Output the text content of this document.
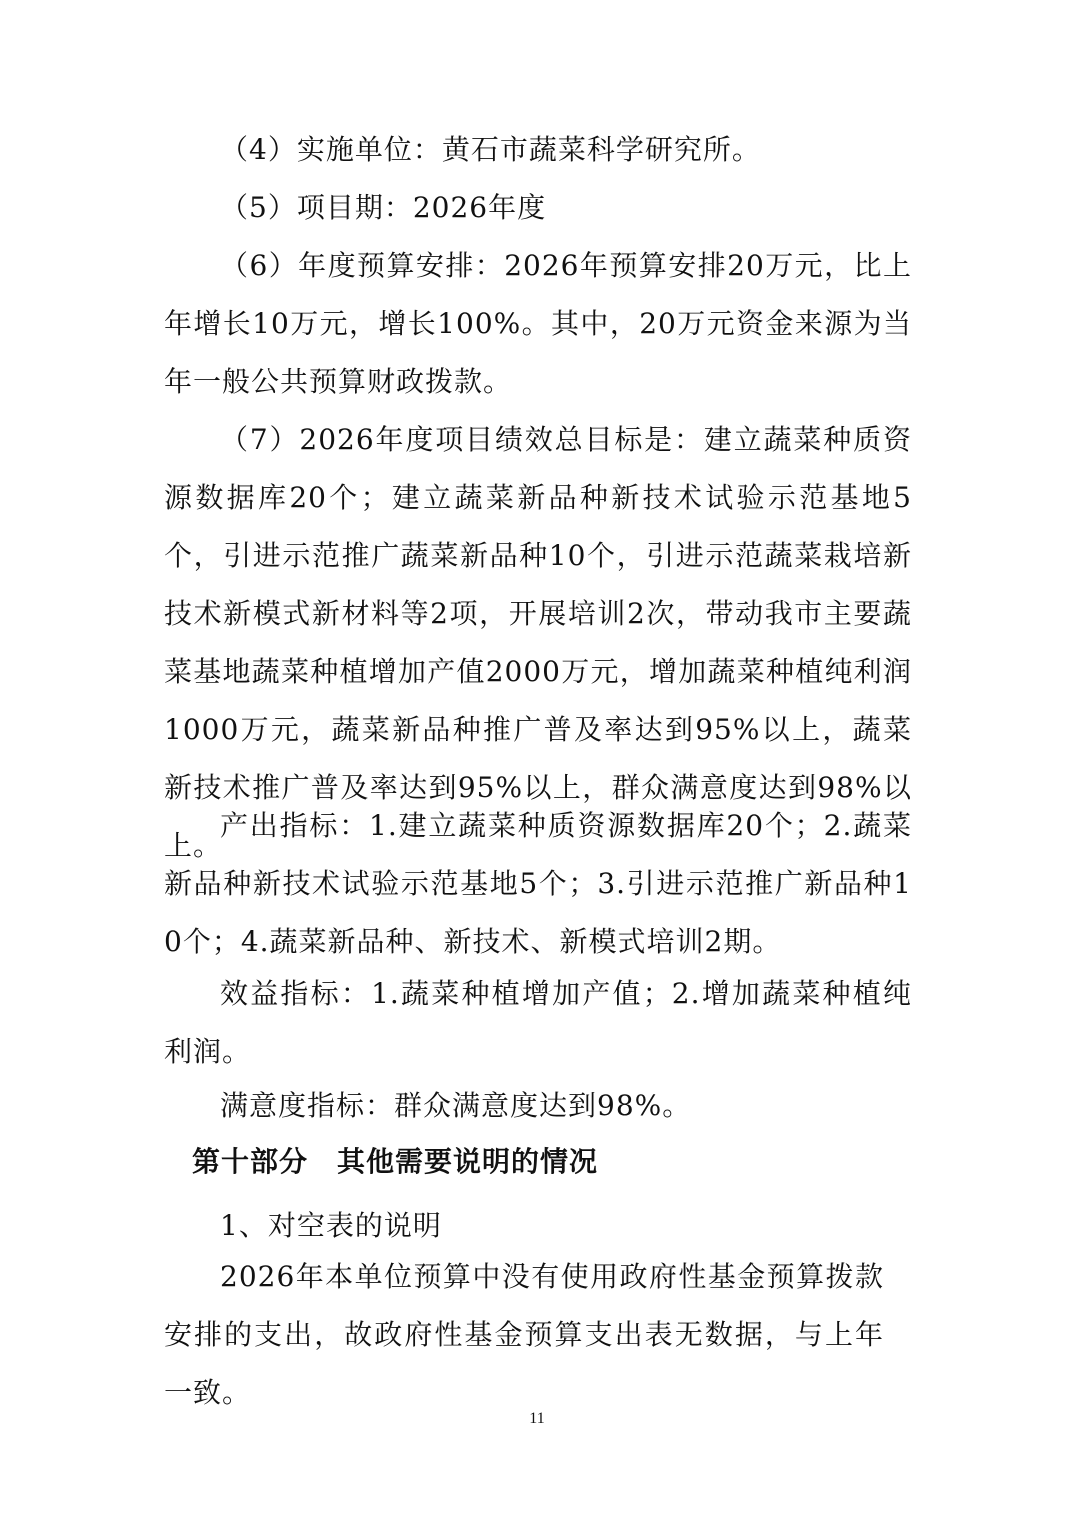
（4）实施单位：黄石市蔬菜科学研究所。

（5）项目期：2026年度

（6）年度预算安排：2026年预算安排20万元，比上年增长10万元，增长100%。其中，20万元资金来源为当年一般公共预算财政拨款。

（7）2026年度项目绩效总目标是：建立蔬菜种质资源数据库20个；建立蔬菜新品种新技术试验示范基地5个，引进示范推广蔬菜新品种10个，引进示范蔬菜栽培新技术新模式新材料等2项，开展培训2次，带动我市主要蔬菜基地蔬菜种植增加产值2000万元，增加蔬菜种植纯利润1000万元，蔬菜新品种推广普及率达到95%以上，蔬菜新技术推广普及率达到95%以上，群众满意度达到98%以上。

产出指标：1.建立蔬菜种质资源数据库20个；2.蔬菜新品种新技术试验示范基地5个；3.引进示范推广新品种10个；4.蔬菜新品种、新技术、新模式培训2期。

效益指标：1.蔬菜种植增加产值；2.增加蔬菜种植纯利润。

满意度指标：群众满意度达到98%。

第十部分　其他需要说明的情况

1、对空表的说明

2026年本单位预算中没有使用政府性基金预算拨款安排的支出，故政府性基金预算支出表无数据，与上年一致。

11
